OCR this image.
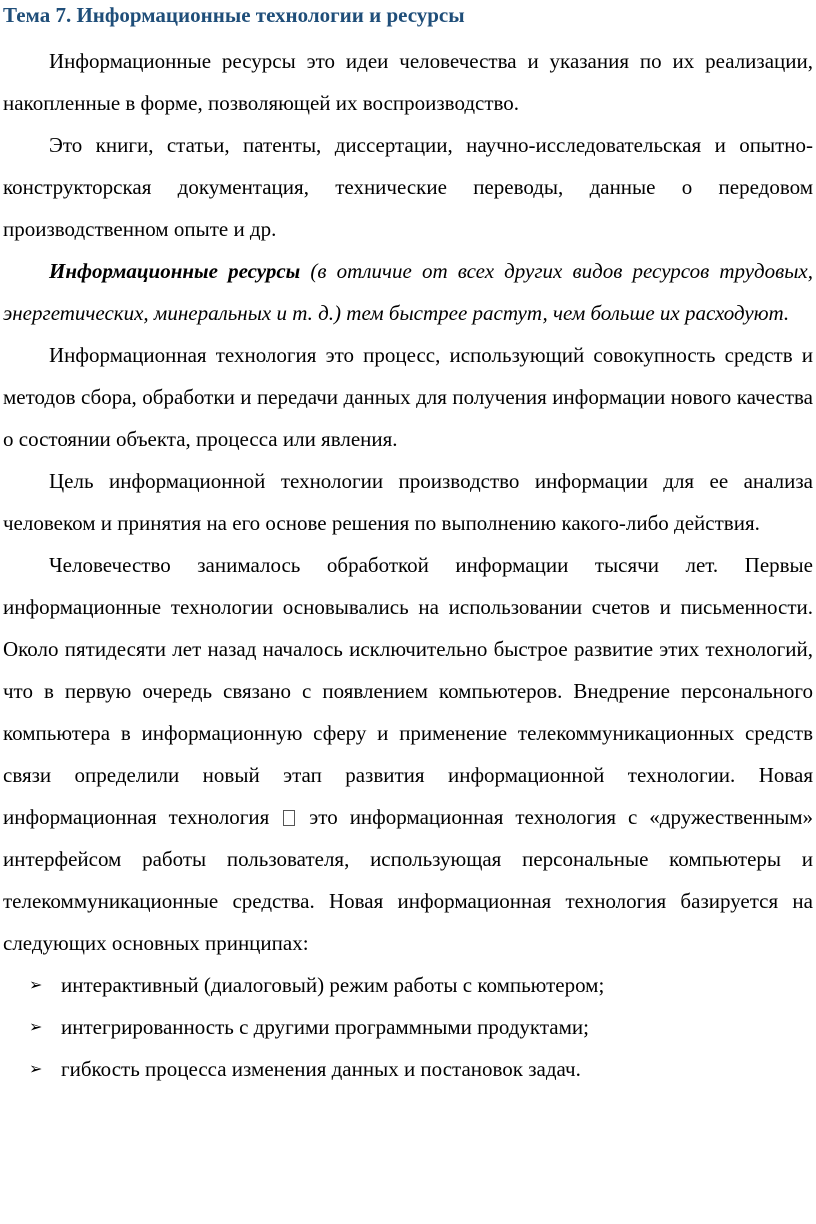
Тема 7. Информационные технологии и ресурсы

Информационные ресурсы это идеи человечества и указания по их реализации, накопленные в форме, позволяющей их воспроизводство.

Это книги, статьи, патенты, диссертации, научно-исследовательская и опытно-конструкторская документация, технические переводы, данные о передовом производственном опыте и др.

Информационные ресурсы (в отличие от всех других видов ресурсов трудовых, энергетических, минеральных и т. д.) тем быстрее растут, чем больше их расходуют.

Информационная технология это процесс, использующий совокупность средств и методов сбора, обработки и передачи данных для получения информации нового качества о состоянии объекта, процесса или явления.

Цель информационной технологии производство информации для ее анализа человеком и принятия на его основе решения по выполнению какого-либо действия.

Человечество занималось обработкой информации тысячи лет. Первые информационные технологии основывались на использовании счетов и письменности. Около пятидесяти лет назад началось исключительно быстрое развитие этих технологий, что в первую очередь связано с появлением компьютеров. Внедрение персонального компьютера в информационную сферу и применение телекоммуникационных средств связи определили новый этап развития информационной технологии. Новая информационная технология это информационная технология с «дружественным» интерфейсом работы пользователя, использующая персональные компьютеры и телекоммуникационные средства. Новая информационная технология базируется на следующих основных принципах:

➢ интерактивный (диалоговый) режим работы с компьютером;
➢ интегрированность с другими программными продуктами;
➢ гибкость процесса изменения данных и постановок задач.
